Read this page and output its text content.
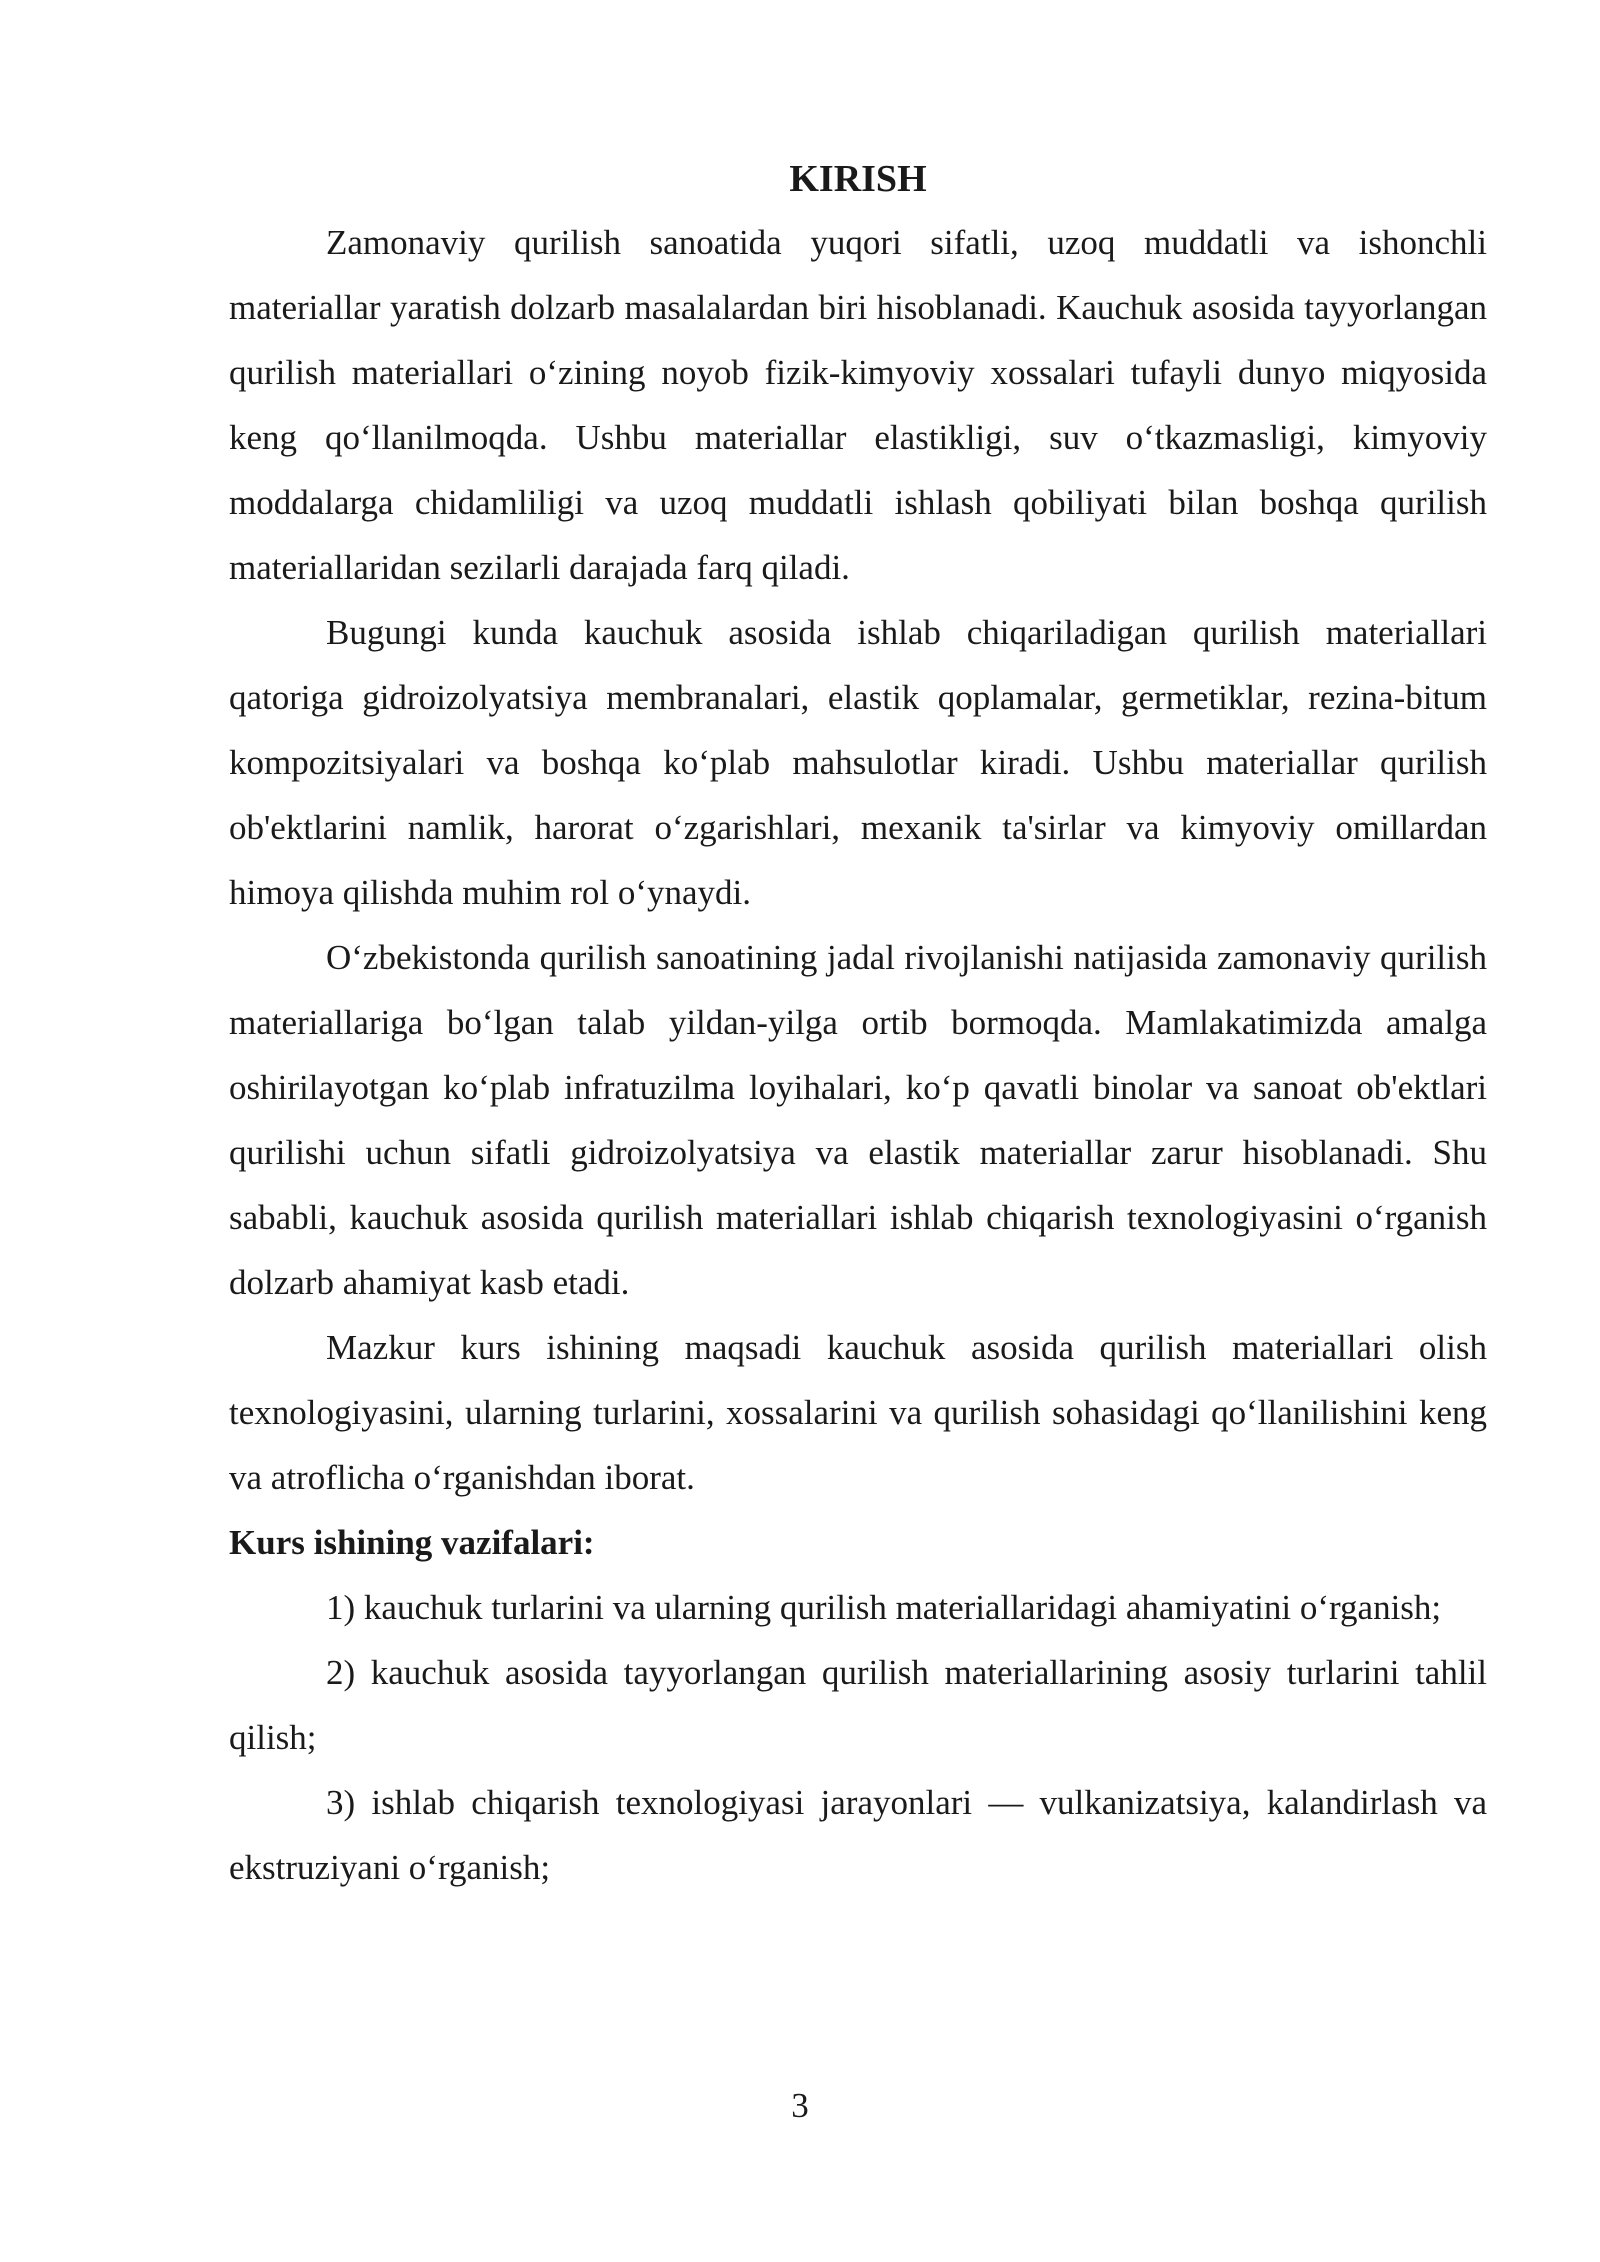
KIRISH

Zamonaviy qurilish sanoatida yuqori sifatli, uzoq muddatli va ishonchli materiallar yaratish dolzarb masalalardan biri hisoblanadi. Kauchuk asosida tayyorlangan qurilish materiallari o‘zining noyob fizik-kimyoviy xossalari tufayli dunyo miqyosida keng qo‘llanilmoqda. Ushbu materiallar elastikligi, suv o‘tkazmasligi, kimyoviy moddalarga chidamliligi va uzoq muddatli ishlash qobiliyati bilan boshqa qurilish materiallaridan sezilarli darajada farq qiladi.

Bugungi kunda kauchuk asosida ishlab chiqariladigan qurilish materiallari qatoriga gidroizolyatsiya membranalari, elastik qoplamalar, germetiklar, rezina-bitum kompozitsiyalari va boshqa ko‘plab mahsulotlar kiradi. Ushbu materiallar qurilish ob'ektlarini namlik, harorat o‘zgarishlari, mexanik ta'sirlar va kimyoviy omillardan himoya qilishda muhim rol o‘ynaydi.

O‘zbekistonda qurilish sanoatining jadal rivojlanishi natijasida zamonaviy qurilish materiallariga bo‘lgan talab yildan-yilga ortib bormoqda. Mamlakatimizda amalga oshirilayotgan ko‘plab infratuzilma loyihalari, ko‘p qavatli binolar va sanoat ob'ektlari qurilishi uchun sifatli gidroizolyatsiya va elastik materiallar zarur hisoblanadi. Shu sababli, kauchuk asosida qurilish materiallari ishlab chiqarish texnologiyasini o‘rganish dolzarb ahamiyat kasb etadi.

Mazkur kurs ishining maqsadi kauchuk asosida qurilish materiallari olish texnologiyasini, ularning turlarini, xossalarini va qurilish sohasidagi qo‘llanilishini keng va atroflicha o‘rganishdan iborat.

Kurs ishining vazifalari:

1) kauchuk turlarini va ularning qurilish materiallaridagi ahamiyatini o‘rganish;

2) kauchuk asosida tayyorlangan qurilish materiallarining asosiy turlarini tahlil qilish;

3) ishlab chiqarish texnologiyasi jarayonlari — vulkanizatsiya, kalandirlash va ekstruziyani o‘rganish;

3
